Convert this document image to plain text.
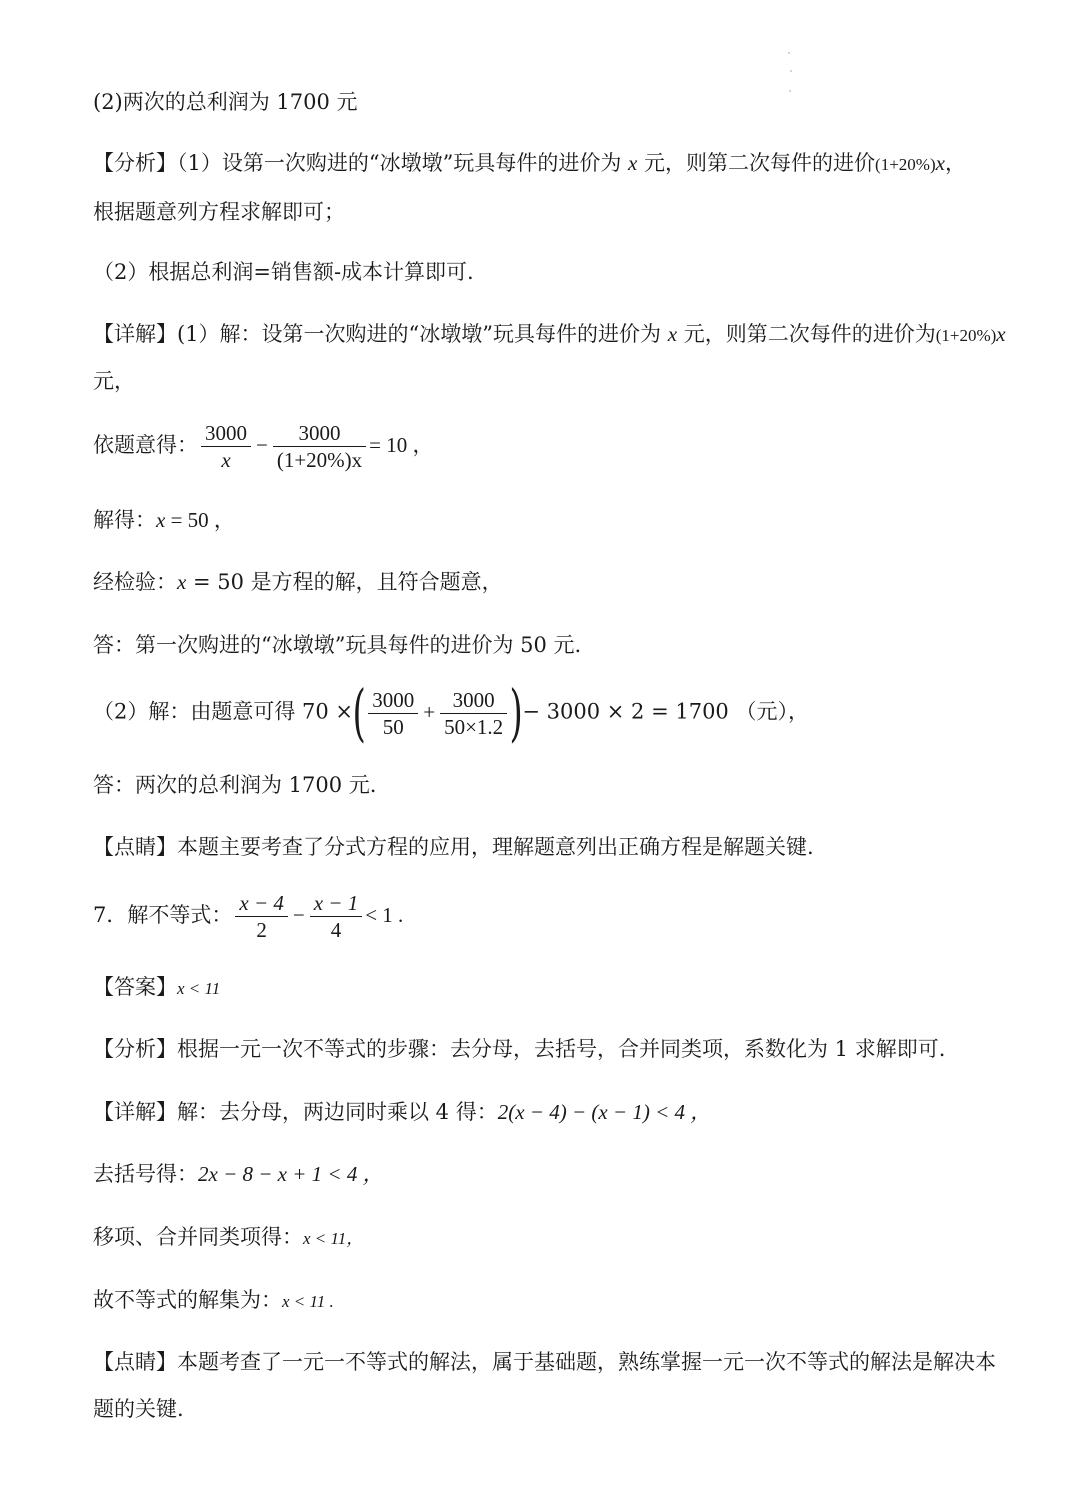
(2)两次的总利润为 1700 元
【分析】（1）设第一次购进的“冰墩墩”玩具每件的进价为 x 元，则第二次每件的进价(1+20%)x，
根据题意列方程求解即可；
（2）根据总利润=销售额-成本计算即可.
【详解】(1）解：设第一次购进的“冰墩墩”玩具每件的进价为 x 元，则第二次每件的进价为(1+20%)x
元，
依题意得： $\frac{3000}{x} - \frac{3000}{(1+20\%)x} = 10$ ，
解得：x = 50 ，
经检验：x = 50 是方程的解，且符合题意，
答：第一次购进的“冰墩墩”玩具每件的进价为 50 元.
（2）解：由题意可得 70 ×( $\frac{3000}{50} + \frac{3000}{50\times 1.2}$ )− 3000 × 2 = 1700 （元），
答：两次的总利润为 1700 元.
【点睛】本题主要考查了分式方程的应用，理解题意列出正确方程是解题关键.
7．解不等式： $\frac{x - 4}{2} - \frac{x - 1}{4} < 1$ .
【答案】x < 11
【分析】根据一元一次不等式的步骤：去分母，去括号，合并同类项，系数化为 1 求解即可.
【详解】解：去分母，两边同时乘以 4 得：2(x − 4) − (x − 1) < 4 ，
去括号得：2x − 8 − x + 1 < 4 ，
移项、合并同类项得：x < 11，
故不等式的解集为：x < 11 .
【点睛】本题考查了一元一不等式的解法，属于基础题，熟练掌握一元一次不等式的解法是解决本
题的关键.
